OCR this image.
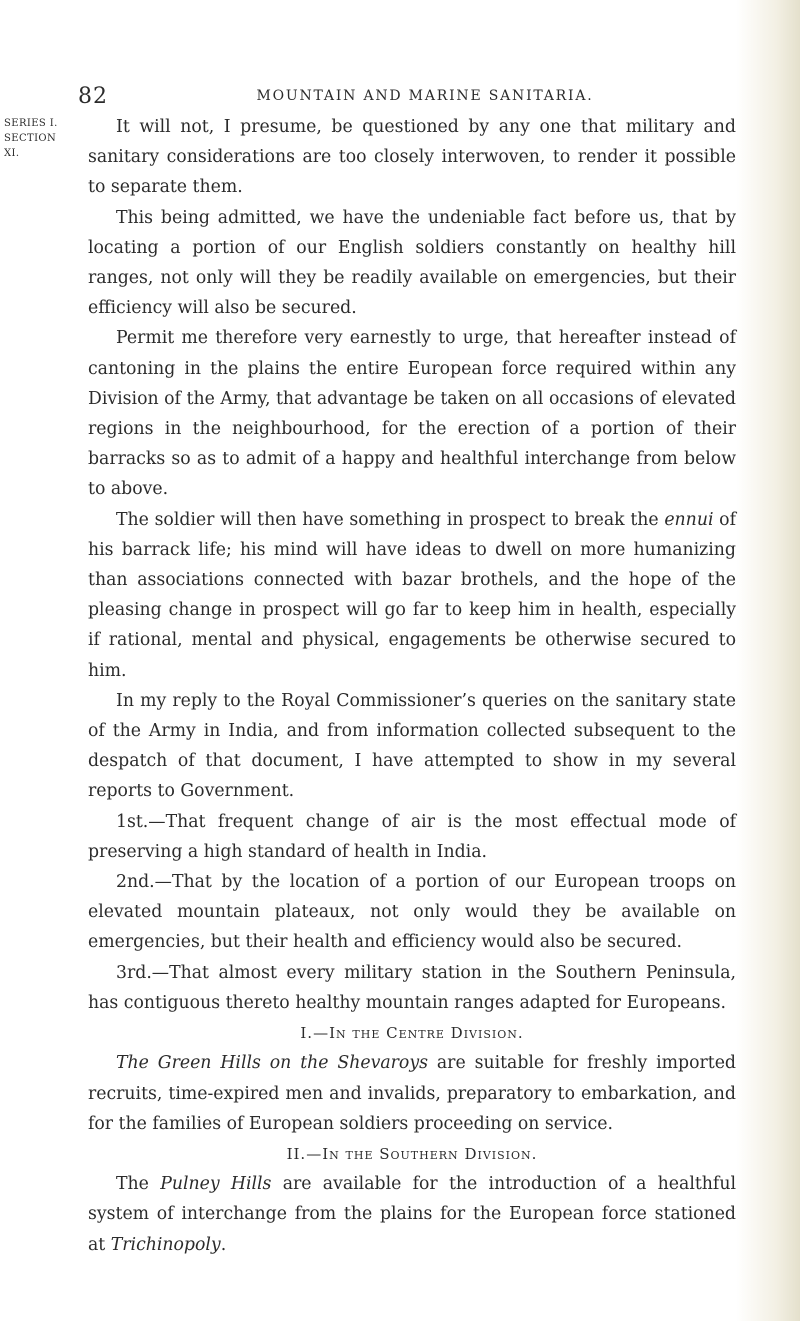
82	MOUNTAIN AND MARINE SANITARIA.
SERIES I.
SECTION XI.

It will not, I presume, be questioned by any one that military and sanitary considerations are too closely interwoven, to render it possible to separate them.

This being admitted, we have the undeniable fact before us, that by locating a portion of our English soldiers constantly on healthy hill ranges, not only will they be readily available on emergencies, but their efficiency will also be secured.

Permit me therefore very earnestly to urge, that hereafter instead of cantoning in the plains the entire European force required within any Division of the Army, that advantage be taken on all occasions of elevated regions in the neighbourhood, for the erection of a portion of their barracks so as to admit of a happy and healthful interchange from below to above.

The soldier will then have something in prospect to break the ennui of his barrack life; his mind will have ideas to dwell on more humanizing than associations connected with bazar brothels, and the hope of the pleasing change in prospect will go far to keep him in health, especially if rational, mental and physical, engagements be otherwise secured to him.

In my reply to the Royal Commissioner’s queries on the sanitary state of the Army in India, and from information collected subsequent to the despatch of that document, I have attempted to show in my several reports to Government.

1st.—That frequent change of air is the most effectual mode of preserving a high standard of health in India.

2nd.—That by the location of a portion of our European troops on elevated mountain plateaux, not only would they be available on emergencies, but their health and efficiency would also be secured.

3rd.—That almost every military station in the Southern Peninsula, has contiguous thereto healthy mountain ranges adapted for Europeans.

I.—In the Centre Division.

The Green Hills on the Shevaroys are suitable for freshly imported recruits, time-expired men and invalids, preparatory to embarkation, and for the families of European soldiers proceeding on service.

II.—In the Southern Division.

The Pulney Hills are available for the introduction of a healthful system of interchange from the plains for the European force stationed at Trichinopoly.
